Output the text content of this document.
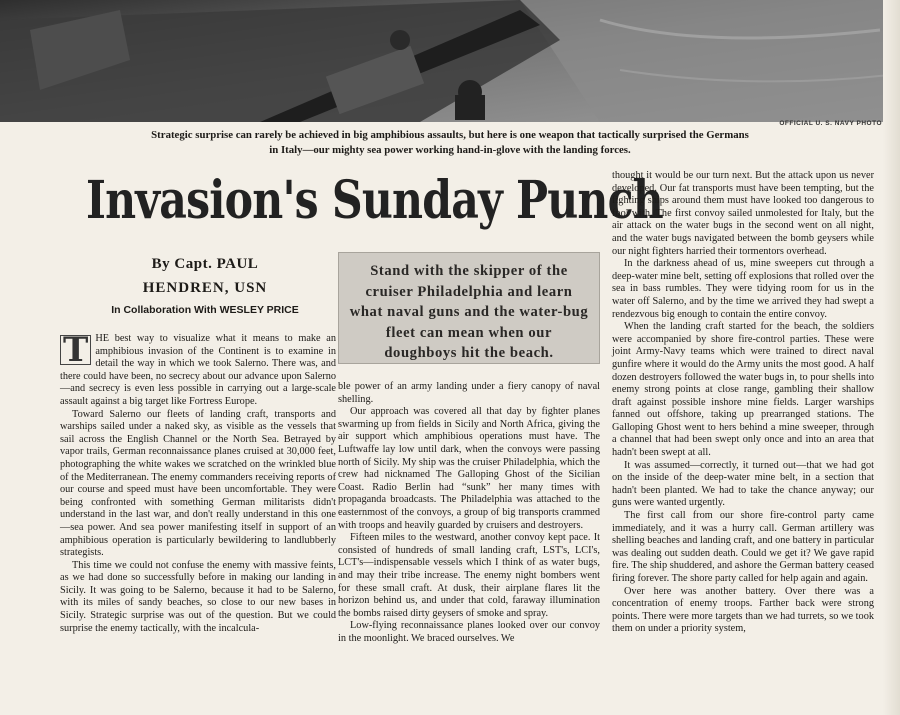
OFFICIAL U. S. NAVY PHOTO
Strategic surprise can rarely be achieved in big amphibious assaults, but here is one weapon that tactically surprised the Germans in Italy—our mighty sea power working hand-in-glove with the landing forces.
Invasion's Sunday Punch
By Capt. PAUL
HENDREN, USN
In Collaboration With WESLEY PRICE
Stand with the skipper of the cruiser Philadelphia and learn what naval guns and the water-bug fleet can mean when our doughboys hit the beach.

T HE best way to visualize what it means to make an amphibious invasion of the Continent is to examine in detail the way in which we took Salerno. There was, and there could have been, no secrecy about our advance upon Salerno—and secrecy is even less possible in carrying out a large-scale assault against a big target like Fortress Europe.

Toward Salerno our fleets of landing craft, transports and warships sailed under a naked sky, as visible as the vessels that sail across the English Channel or the North Sea. Betrayed by vapor trails, German reconnaissance planes cruised at 30,000 feet, photographing the white wakes we scratched on the wrinkled blue of the Mediterranean. The enemy commanders receiving reports of our course and speed must have been uncomfortable. They were being confronted with something German militarists didn't understand in the last war, and don't really understand in this one—sea power. And sea power manifesting itself in support of an amphibious operation is particularly bewildering to landlubberly strategists.

This time we could not confuse the enemy with massive feints, as we had done so successfully before in making our landing in Sicily. It was going to be Salerno, because it had to be Salerno, with its miles of sandy beaches, so close to our new bases in Sicily. Strategic surprise was out of the question. But we could surprise the enemy tactically, with the incalcula-

ble power of an army landing under a fiery canopy of naval shelling.

Our approach was covered all that day by fighter planes swarming up from fields in Sicily and North Africa, giving the air support which amphibious operations must have. The Luftwaffe lay low until dark, when the convoys were passing north of Sicily. My ship was the cruiser Philadelphia, which the crew had nicknamed The Galloping Ghost of the Sicilian Coast. Radio Berlin had “sunk” her many times with propaganda broadcasts. The Philadelphia was attached to the easternmost of the convoys, a group of big transports crammed with troops and heavily guarded by cruisers and destroyers.

Fifteen miles to the westward, another convoy kept pace. It consisted of hundreds of small landing craft, LST's, LCI's, LCT's—indispensable vessels which I think of as water bugs, and may their tribe increase. The enemy night bombers went for these small craft. At dusk, their airplane flares lit the horizon behind us, and under that cold, faraway illumination the bombs raised dirty geysers of smoke and spray.

Low-flying reconnaissance planes looked over our convoy in the moonlight. We braced ourselves. We

thought it would be our turn next. But the attack upon us never developed. Our fat transports must have been tempting, but the fighting ships around them must have looked too dangerous to fool with. The first convoy sailed unmolested for Italy, but the air attack on the water bugs in the second went on all night, and the water bugs navigated between the bomb geysers while our night fighters harried their tormentors overhead.

In the darkness ahead of us, mine sweepers cut through a deep-water mine belt, setting off explosions that rolled over the sea in bass rumbles. They were tidying room for us in the water off Salerno, and by the time we arrived they had swept a rendezvous big enough to contain the entire convoy.

When the landing craft started for the beach, the soldiers were accompanied by shore fire-control parties. These were joint Army-Navy teams which were trained to direct naval gunfire where it would do the Army units the most good. A half dozen destroyers followed the water bugs in, to pour shells into enemy strong points at close range, gambling their shallow draft against possible inshore mine fields. Larger warships fanned out offshore, taking up prearranged stations. The Galloping Ghost went to hers behind a mine sweeper, through a channel that had been swept only once and into an area that hadn't been swept at all.

It was assumed—correctly, it turned out—that we had got on the inside of the deep-water mine belt, in a section that hadn't been planted. We had to take the chance anyway; our guns were wanted urgently.

The first call from our shore fire-control party came immediately, and it was a hurry call. German artillery was shelling beaches and landing craft, and one battery in particular was dealing out sudden death. Could we get it? We gave rapid fire. The ship shuddered, and ashore the German battery ceased firing forever. The shore party called for help again and again.

Over here was another battery. Over there was a concentration of enemy troops. Farther back were strong points. There were more targets than we had turrets, so we took them on under a priority system,
